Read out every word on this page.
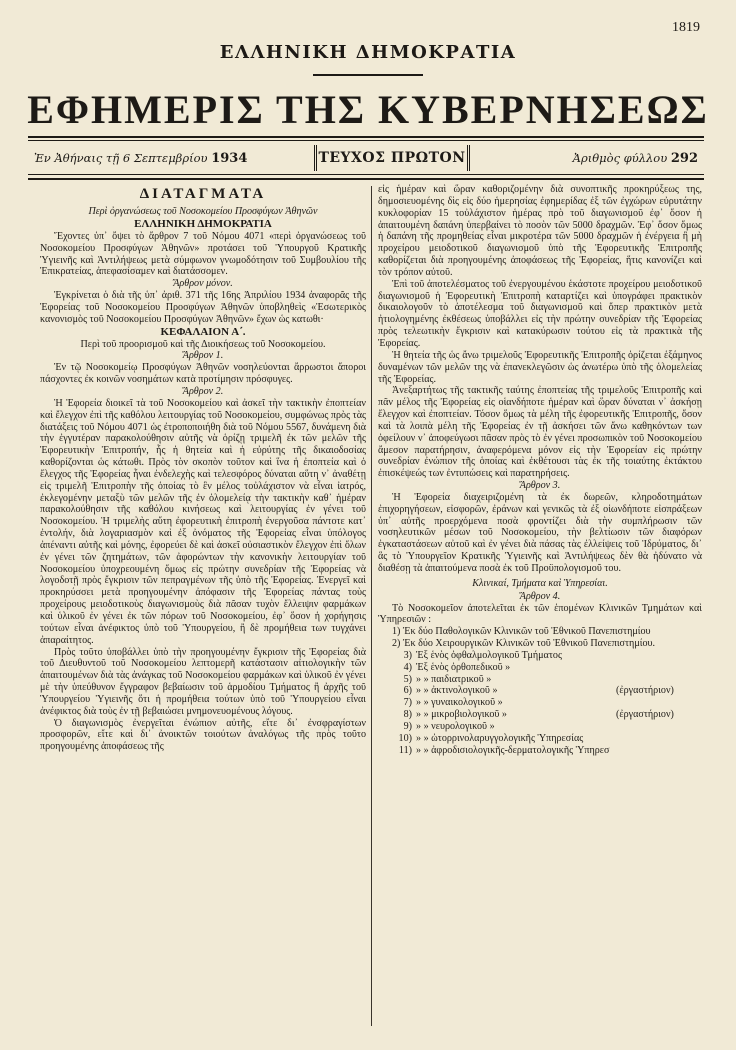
1819
ΕΛΛΗΝΙΚΗ ΔΗΜΟΚΡΑΤΙΑ
ΕΦΗΜΕΡΙΣ ΤΗΣ ΚΥΒΕΡΝΗΣΕΩΣ
Ἐν Ἀθήναις τῇ 6 Σεπτεμβρίου 1934	ΤΕΥΧΟΣ ΠΡΩΤΟΝ	Ἀριθμὸς φύλλου 292

ΔΙΑΤΑΓΜΑΤΑ

Περὶ ὀργανώσεως τοῦ Νοσοκομείου Προσφύγων Ἀθηνῶν

ΕΛΛΗΝΙΚΗ ΔΗΜΟΚΡΑΤΙΑ

Ἔχοντες ὑπ᾽ ὄψει τὸ ἄρθρον 7 τοῦ Νόμου 4071 «περὶ ὀργανώσεως τοῦ Νοσοκομείου Προσφύγων Ἀθηνῶν» προτάσει τοῦ Ὑπουργοῦ Κρατικῆς Ὑγιεινῆς καὶ Ἀντιλήψεως μετὰ σύμφωνον γνωμοδότησιν τοῦ Συμβουλίου τῆς Ἐπικρατείας, ἀπεφασίσαμεν καὶ διατάσσομεν.

Ἄρθρον μόνον.

Ἐγκρίνεται ὁ διὰ τῆς ὑπ᾽ ἀριθ. 371 τῆς 16ης Ἀπριλίου 1934 ἀναφορᾶς τῆς Ἐφορείας τοῦ Νοσοκομείου Προσφύγων Ἀθηνῶν ὑποβληθεὶς «Ἐσωτερικὸς κανονισμὸς τοῦ Νοσοκομείου Προσφύγων Ἀθηνῶν» ἔχων ὡς κατωθι·

ΚΕΦΑΛΑΙΟΝ Α΄.

Περὶ τοῦ προορισμοῦ καὶ τῆς Διοικήσεως τοῦ Νοσοκομείου.

Ἄρθρον 1.

Ἐν τῷ Νοσοκομείῳ Προσφύγων Ἀθηνῶν νοσηλεύονται ἄρρωστοι ἄποροι πάσχοντες ἐκ κοινῶν νοσημάτων κατὰ προτίμησιν πρόσφυγες.

Ἄρθρον 2.

Ἡ Ἐφορεία διοικεῖ τὰ τοῦ Νοσοκομείου καὶ ἀσκεῖ τὴν τακτικὴν ἐποπτείαν καὶ ἔλεγχον ἐπὶ τῆς καθόλου λειτουργίας τοῦ Νοσοκομείου, συμφώνως πρὸς τὰς διατάξεις τοῦ Νόμου 4071 ὡς ἐτροποποιήθη διὰ τοῦ Νόμου 5567, δυνάμενη διὰ τὴν ἐγγυτέραν παρακολούθησιν αὐτῆς νὰ ὁρίζῃ τριμελῆ ἐκ τῶν μελῶν τῆς Ἐφορευτικὴν Ἐπιτροπήν, ἧς ἡ θητεία καὶ ἡ εὐρύτης τῆς δικαιοδοσίας καθορίζονται ὡς κάτωθι. Πρὸς τὸν σκοπὸν τοῦτον καὶ ἵνα ἡ ἐποπτεία καὶ ὁ ἔλεγχος τῆς Ἐφορείας ἦναι ἐνδελεχὴς καὶ τελεσφόρος δύναται αὕτη ν᾽ ἀναθέτῃ εἰς τριμελῆ Ἐπιτροπὴν τῆς ὁποίας τὸ ἓν μέλος τοὐλάχιστον νὰ εἶναι ἰατρός, ἐκλεγομένην μεταξὺ τῶν μελῶν τῆς ἐν ὁλομελείᾳ τὴν τακτικὴν καθ᾽ ἡμέραν παρακολούθησιν τῆς καθόλου κινήσεως καὶ λειτουργίας ἐν γένει τοῦ Νοσοκομείου. Ἡ τριμελὴς αὕτη ἐφορευτικὴ ἐπιτροπὴ ἐνεργοῦσα πάντοτε κατ᾽ ἐντολήν, διὰ λογαριασμὸν καὶ ἐξ ὀνόματος τῆς Ἐφορείας εἶναι ὑπόλογος ἀπέναντι αὐτῆς καὶ μόνης, ἐφορεύει δὲ καὶ ἀσκεῖ οὐσιαστικὸν ἔλεγχον ἐπὶ ὅλων ἐν γένει τῶν ζητημάτων, τῶν ἀφορώντων τὴν κανονικὴν λειτουργίαν τοῦ Νοσοκομείου ὑποχρεουμένη ὅμως εἰς πρώτην συνεδρίαν τῆς Ἐφορείας νὰ λογοδοτῇ πρὸς ἔγκρισιν τῶν πεπραγμένων τῆς ὑπὸ τῆς Ἐφορείας. Ἐνεργεῖ καὶ προκηρύσσει μετὰ προηγουμένην ἀπόφασιν τῆς Ἐφορείας πάντας τοὺς προχείρους μειοδοτικοὺς διαγωνισμοὺς διὰ πᾶσαν τυχὸν ἔλλειψιν φαρμάκων καὶ ὑλικοῦ ἐν γένει ἐκ τῶν πόρων τοῦ Νοσοκομείου, ἐφ᾽ ὅσον ἡ χορήγησις τούτων εἶναι ἀνέφικτος ὑπὸ τοῦ Ὑπουργείου, ἢ δὲ προμήθεια των τυγχάνει ἀπαραίτητος.

Πρὸς τοῦτο ὑποβάλλει ὑπὸ τὴν προηγουμένην ἔγκρισιν τῆς Ἐφορείας διὰ τοῦ Διευθυντοῦ τοῦ Νοσοκομείου λεπτομερῆ κατάστασιν αἰτιολογικὴν τῶν ἀπαιτουμένων διὰ τὰς ἀνάγκας τοῦ Νοσοκομείου φαρμάκων καὶ ὑλικοῦ ἐν γένει μὲ τὴν ὑπεύθυνον ἔγγραφον βεβαίωσιν τοῦ ἁρμοδίου Τμήματος ἢ ἀρχῆς τοῦ Ὑπουργείου Ὑγιεινῆς ὅτι ἡ προμήθεια τούτων ὑπὸ τοῦ Ὑπουργείου εἶναι ἀνέφικτος διὰ τοὺς ἐν τῇ βεβαιώσει μνημονευομένους λόγους.

Ὁ διαγωνισμὸς ἐνεργεῖται ἐνώπιον αὐτῆς, εἴτε δι᾽ ἐνσφραγίστων προσφορῶν, εἴτε καὶ δι᾽ ἀνοικτῶν τοιούτων ἀναλόγως τῆς πρὸς τοῦτο προηγουμένης ἀποφάσεως τῆς

εἰς ἡμέραν καὶ ὥραν καθοριζομένην διὰ συνοπτικῆς προκηρύξεως της, δημοσιευομένης δὶς εἰς δύο ἡμερησίας ἐφημερίδας ἐξ τῶν ἐγχώρων εὐρυτάτην κυκλοφορίαν 15 τοὐλάχιστον ἡμέρας πρὸ τοῦ διαγωνισμοῦ ἐφ᾽ ὅσον ἡ ἀπαιτουμένη δαπάνη ὑπερβαίνει τὸ ποσὸν τῶν 5000 δραχμῶν. Ἐφ᾽ ὅσον ὅμως ἡ δαπάνη τῆς προμηθείας εἶναι μικροτέρα τῶν 5000 δραχμῶν ἡ ἐνέργεια ἢ μὴ προχείρου μειοδοτικοῦ διαγωνισμοῦ ὑπὸ τῆς Ἐφορευτικῆς Ἐπιτροπῆς καθορίζεται διὰ προηγουμένης ἀποφάσεως τῆς Ἐφορείας, ἥτις κανονίζει καὶ τὸν τρόπον αὐτοῦ.

Ἐπὶ τοῦ ἀποτελέσματος τοῦ ἐνεργουμένου ἑκάστοτε προχείρου μειοδοτικοῦ διαγωνισμοῦ ἡ Ἐφορευτικὴ Ἐπιτροπὴ καταρτίζει καὶ ὑπογράφει πρακτικὸν δικαιολογοῦν τὸ ἀποτέλεσμα τοῦ διαγωνισμοῦ καὶ ὅπερ πρακτικὸν μετὰ ἠτιολογημένης ἐκθέσεως ὑποβάλλει εἰς τὴν πρώτην συνεδρίαν τῆς Ἐφορείας πρὸς τελεωτικὴν ἔγκρισιν καὶ κατακύρωσιν τούτου εἰς τὰ πρακτικὰ τῆς Ἐφορείας.

Ἡ θητεία τῆς ὡς ἄνω τριμελοῦς Ἐφορευτικῆς Ἐπιτροπῆς ὁρίζεται ἑξάμηνος δυναμένων τῶν μελῶν της νὰ ἐπανεκλεγῶσιν ὡς ἀνωτέρω ὑπὸ τῆς ὁλομελείας τῆς Ἐφορείας.

Ἀνεξαρτήτως τῆς τακτικῆς ταύτης ἐποπτείας τῆς τριμελοῦς Ἐπιτροπῆς καὶ πᾶν μέλος τῆς Ἐφορείας εἰς οἱανδήποτε ἡμέραν καὶ ὥραν δύναται ν᾽ ἀσκήσῃ ἔλεγχον καὶ ἐποπτείαν. Τόσον ὅμως τὰ μέλη τῆς ἐφορευτικῆς Ἐπιτροπῆς, ὅσον καὶ τὰ λοιπὰ μέλη τῆς Ἐφορείας ἐν τῇ ἀσκήσει τῶν ἄνω καθηκόντων των ὀφείλουν ν᾽ ἀποφεύγωσι πᾶσαν πρὸς τὸ ἐν γένει προσωπικὸν τοῦ Νοσοκομείου ἄμεσον παρατήρησιν, ἀναφερόμενα μόνον εἰς τὴν Ἐφορείαν εἰς πρώτην συνεδρίαν ἐνώπιον τῆς ὁποίας καὶ ἐκθέτουσι τὰς ἐκ τῆς τοιαύτης ἐκτάκτου ἐπισκέψεώς των ἐντυπώσεις καὶ παρατηρήσεις.

Ἄρθρον 3.

Ἡ Ἐφορεία διαχειριζομένη τὰ ἐκ δωρεῶν, κληροδοτημάτων ἐπιχορηγήσεων, εἰσφορῶν, ἐράνων καὶ γενικῶς τὰ ἐξ οἱωνδήποτε εἰσπράξεων ὑπ᾽ αὐτῆς προερχόμενα ποσὰ φροντίζει διὰ τὴν συμπλήρωσιν τῶν νοσηλευτικῶν μέσων τοῦ Νοσοκομείου, τὴν βελτίωσιν τῶν διαφόρων ἐγκαταστάσεων αὐτοῦ καὶ ἐν γένει διὰ πάσας τὰς ἐλλείψεις τοῦ Ἱδρύματος, δι᾽ ἃς τὸ Ὑπουργεῖον Κρατικῆς Ὑγιεινῆς καὶ Ἀντιλήψεως δὲν θὰ ἠδύνατο νὰ διαθέσῃ τὰ ἀπαιτούμενα ποσὰ ἐκ τοῦ Προϋπολογισμοῦ του.

Κλινικαί, Τμήματα καὶ Ὑπηρεσίαι.

Ἄρθρον 4.

Τὸ Νοσοκομεῖον ἀποτελεῖται ἐκ τῶν ἑπομένων Κλινικῶν Τμημάτων καὶ Ὑπηρεσιῶν :

1) Ἐκ δύο Παθολογικῶν Κλινικῶν τοῦ Ἐθνικοῦ Πανεπιστημίου

2) Ἐκ δύο Χειρουργικῶν Κλινικῶν τοῦ Ἐθνικοῦ Πανεπιστημίου.

3) Ἐξ ἑνὸς ὀφθαλμολογικοῦ Τμήματος
4) Ἐξ ἑνὸς ὀρθοπεδικοῦ »
5) » » παιδιατρικοῦ »
6) » » ἀκτινολογικοῦ »	(ἐργαστήριον)
7) » » γυναικολογικοῦ »
8) » » μικροβιολογικοῦ »	(ἐργαστήριον)
9) » » νευρολογικοῦ »
10) » » ὠτορρινολαρυγγολογικῆς Ὑπηρεσίας
11) » » ἀφροδισιολογικῆς-δερματολογικῆς Ὑπηρεσ
